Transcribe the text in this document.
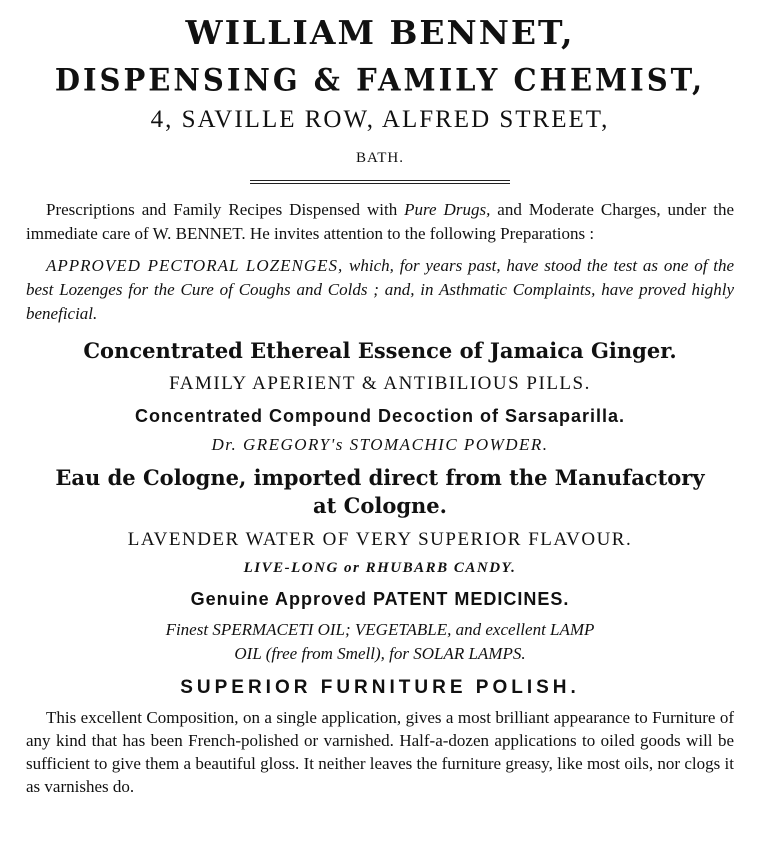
WILLIAM BENNET,
DISPENSING & FAMILY CHEMIST,
4, SAVILLE ROW, ALFRED STREET,
BATH.
Prescriptions and Family Recipes Dispensed with Pure Drugs, and Moderate Charges, under the immediate care of W. BENNET. He invites attention to the following Preparations :
APPROVED PECTORAL LOZENGES, which, for years past, have stood the test as one of the best Lozenges for the Cure of Coughs and Colds ; and, in Asthmatic Complaints, have proved highly beneficial.
Concentrated Ethereal Essence of Jamaica Ginger.
FAMILY APERIENT & ANTIBILIOUS PILLS.
Concentrated Compound Decoction of Sarsaparilla.
Dr. GREGORY's STOMACHIC POWDER.
Eau de Cologne, imported direct from the Manufactory
at Cologne.
LAVENDER WATER OF VERY SUPERIOR FLAVOUR.
LIVE-LONG or RHUBARB CANDY.
Genuine Approved PATENT MEDICINES.
Finest SPERMACETI OIL; VEGETABLE, and excellent LAMP
OIL (free from Smell), for SOLAR LAMPS.
SUPERIOR FURNITURE POLISH.
This excellent Composition, on a single application, gives a most brilliant appearance to Furniture of any kind that has been French-polished or varnished. Half-a-dozen applications to oiled goods will be sufficient to give them a beautiful gloss. It neither leaves the furniture greasy, like most oils, nor clogs it as varnishes do.
